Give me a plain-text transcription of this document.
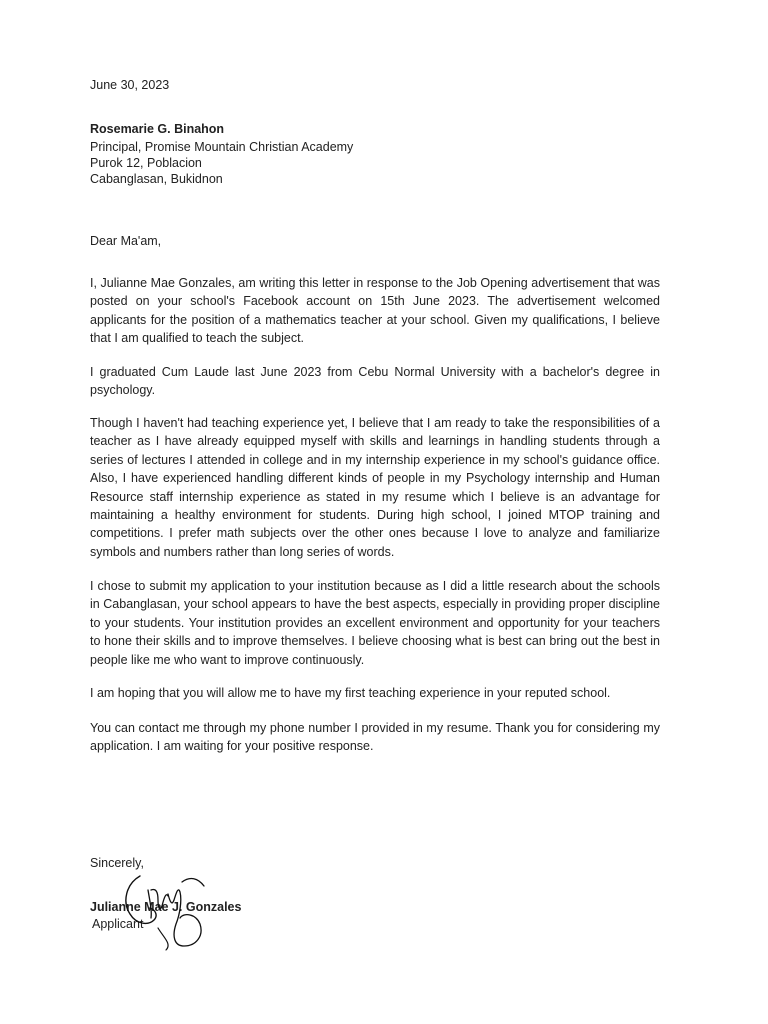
June 30, 2023
Rosemarie G. Binahon
Principal, Promise Mountain Christian Academy
Purok 12, Poblacion
Cabanglasan, Bukidnon
Dear Ma'am,
I, Julianne Mae Gonzales, am writing this letter in response to the Job Opening advertisement that was posted on your school's Facebook account on 15th June 2023. The advertisement welcomed applicants for the position of a mathematics teacher at your school. Given my qualifications, I believe that I am qualified to teach the subject.
I graduated Cum Laude last June 2023 from Cebu Normal University with a bachelor's degree in psychology.
Though I haven't had teaching experience yet, I believe that I am ready to take the responsibilities of a teacher as I have already equipped myself with skills and learnings in handling students through a series of lectures I attended in college and in my internship experience in my school's guidance office. Also, I have experienced handling different kinds of people in my Psychology internship and Human Resource staff internship experience as stated in my resume which I believe is an advantage for maintaining a healthy environment for students. During high school, I joined MTOP training and competitions. I prefer math subjects over the other ones because I love to analyze and familiarize symbols and numbers rather than long series of words.
I chose to submit my application to your institution because as I did a little research about the schools in Cabanglasan, your school appears to have the best aspects, especially in providing proper discipline to your students. Your institution provides an excellent environment and opportunity for your teachers to hone their skills and to improve themselves. I believe choosing what is best can bring out the best in people like me who want to improve continuously.
I am hoping that you will allow me to have my first teaching experience in your reputed school.
You can contact me through my phone number I provided in my resume. Thank you for considering my application. I am waiting for your positive response.
Sincerely,
Julianne Mae J. Gonzales
Applicant
